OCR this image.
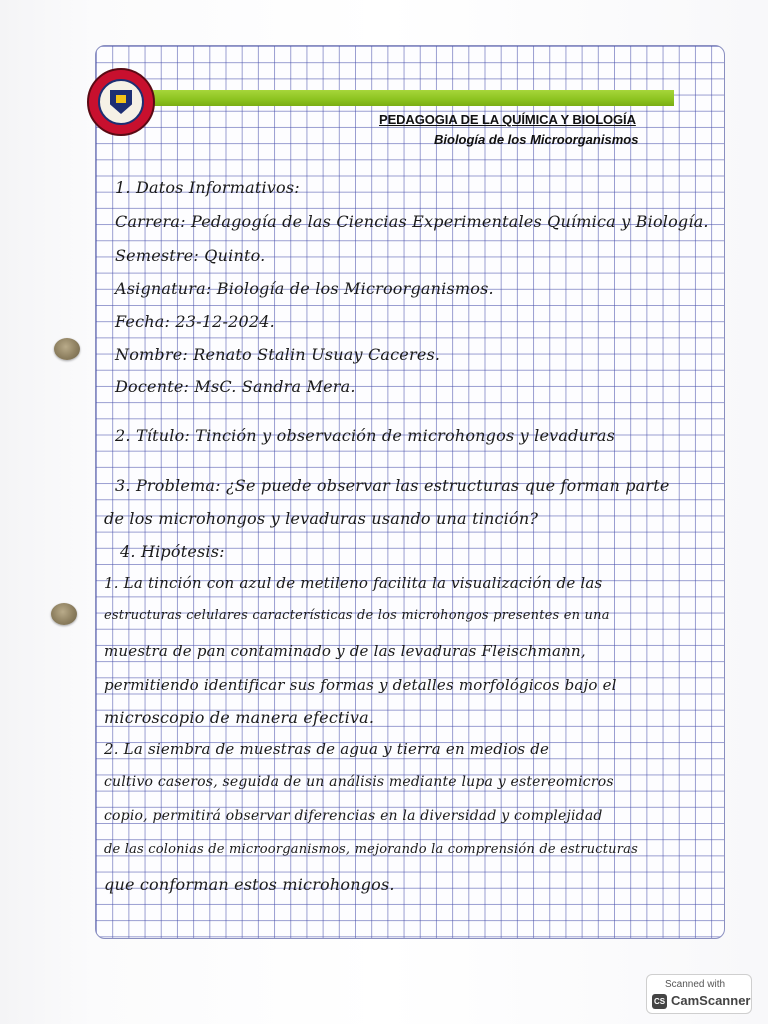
PEDAGOGIA DE LA QUÍMICA Y BIOLOGÍA
Biología de los Microorganismos
1. Datos Informativos:
Carrera: Pedagogía de las Ciencias Experimentales Química y Biología.
Semestre: Quinto.
Asignatura: Biología de los Microorganismos.
Fecha: 23-12-2024.
Nombre: Renato Stalin Usuay Caceres.
Docente: MsC. Sandra Mera.
2. Título: Tinción y observación de microhongos y levaduras
3. Problema: ¿Se puede observar las estructuras que forman parte
de los microhongos y levaduras usando una tinción?
4. Hipótesis:
1. La tinción con azul de metileno facilita la visualización de las
estructuras celulares características de los microhongos presentes en una
muestra de pan contaminado y de las levaduras Fleischmann,
permitiendo identificar sus formas y detalles morfológicos bajo el
microscopio de manera efectiva.
2. La siembra de muestras de agua y tierra en medios de
cultivo caseros, seguida de un análisis mediante lupa y estereomicros
copio, permitirá observar diferencias en la diversidad y complejidad
de las colonias de microorganismos, mejorando la comprensión de estructuras
que conforman estos microhongos.
Scanned with
CS CamScanner
